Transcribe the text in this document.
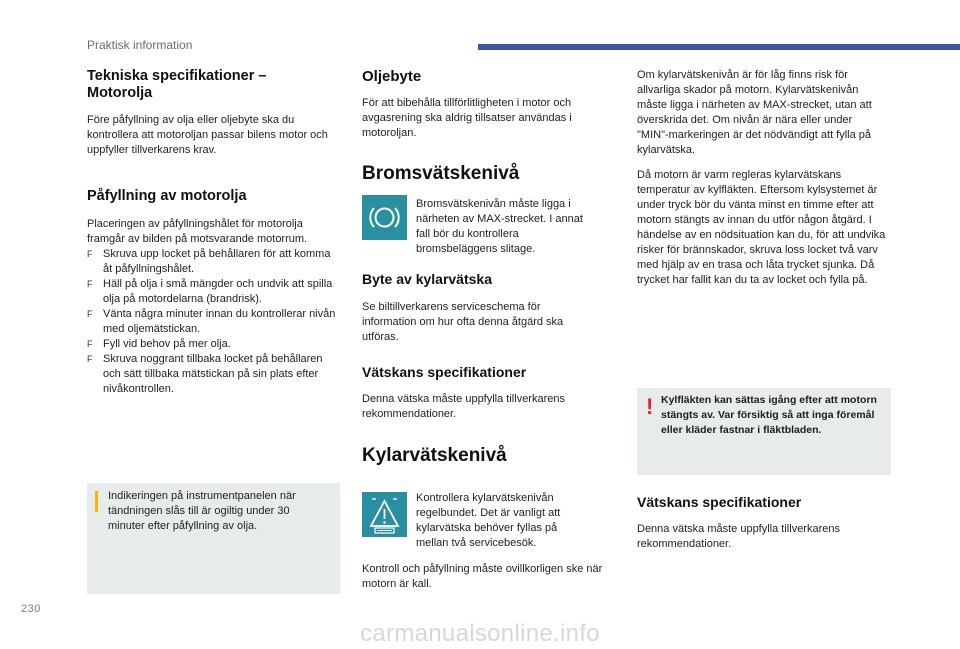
Praktisk information
Tekniska specifikationer – Motorolja

Före påfyllning av olja eller oljebyte ska du kontrollera att motoroljan passar bilens motor och uppfyller tillverkarens krav.

Påfyllning av motorolja

Placeringen av påfyllningshålet för motorolja framgår av bilden på motsvarande motorrum.

F Skruva upp locket på behållaren för att komma åt påfyllningshålet.
F Häll på olja i små mängder och undvik att spilla olja på motordelarna (brandrisk).
F Vänta några minuter innan du kontrollerar nivån med oljemätstickan.
F Fyll vid behov på mer olja.
F Skruva noggrant tillbaka locket på behållaren och sätt tillbaka mätstickan på sin plats efter nivåkontrollen.
Indikeringen på instrumentpanelen när tändningen slås till är ogiltig under 30 minuter efter påfyllning av olja.
Oljebyte

För att bibehålla tillförlitligheten i motor och avgasrening ska aldrig tillsatser användas i motoroljan.

Bromsvätskenivå

Bromsvätskenivån måste ligga i närheten av MAX-strecket. I annat fall bör du kontrollera bromsbeläggens slitage.

Byte av kylarvätska

Se biltillverkarens serviceschema för information om hur ofta denna åtgärd ska utföras.

Vätskans specifikationer

Denna vätska måste uppfylla tillverkarens rekommendationer.

Kylarvätskenivå

Kontrollera kylarvätskenivån regelbundet. Det är vanligt att kylarvätska behöver fyllas på mellan två servicebesök.

Kontroll och påfyllning måste ovillkorligen ske när motorn är kall.

Om kylarvätskenivån är för låg finns risk för allvarliga skador på motorn. Kylarvätskenivån måste ligga i närheten av MAX-strecket, utan att överskrida det. Om nivån är nära eller under "MIN"-markeringen är det nödvändigt att fylla på kylarvätska.

Då motorn är varm regleras kylarvätskans temperatur av kylfläkten. Eftersom kylsystemet är under tryck bör du vänta minst en timme efter att motorn stängts av innan du utför någon åtgärd. I händelse av en nödsituation kan du, för att undvika risker för brännskador, skruva loss locket två varv med hjälp av en trasa och låta trycket sjunka. Då trycket har fallit kan du ta av locket och fylla på.

! Kylfläkten kan sättas igång efter att motorn stängts av. Var försiktig så att inga föremål eller kläder fastnar i fläktbladen.
Vätskans specifikationer

Denna vätska måste uppfylla tillverkarens rekommendationer.

230
carmanualsonline.info
